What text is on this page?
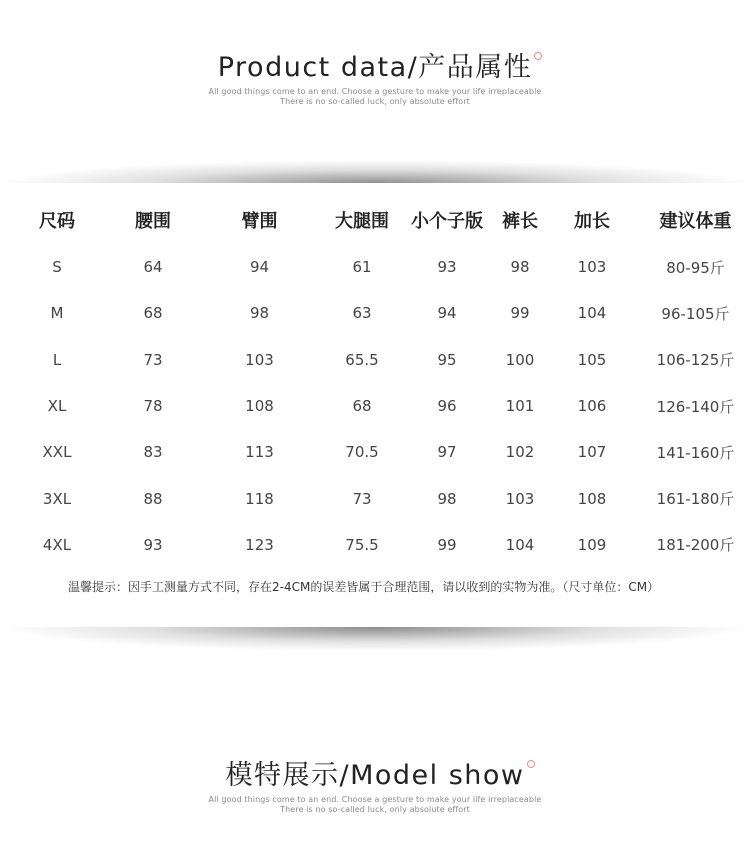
Product data/产品属性
All good things come to an end. Choose a gesture to make your life irreplaceable
There is no so-called luck, only absolute effort
尺码	腰围	臂围	大腿围	小个子版	裤长	加长	建议体重
S	64	94	61	93	98	103	80-95斤
M	68	98	63	94	99	104	96-105斤
L	73	103	65.5	95	100	105	106-125斤
XL	78	108	68	96	101	106	126-140斤
XXL	83	113	70.5	97	102	107	141-160斤
3XL	88	118	73	98	103	108	161-180斤
4XL	93	123	75.5	99	104	109	181-200斤
温馨提示：因手工测量方式不同，存在2-4CM的误差皆属于合理范围，请以收到的实物为准。（尺寸单位：CM）
模特展示/Model show
All good things come to an end. Choose a gesture to make your life irreplaceable
There is no so-called luck, only absolute effort
